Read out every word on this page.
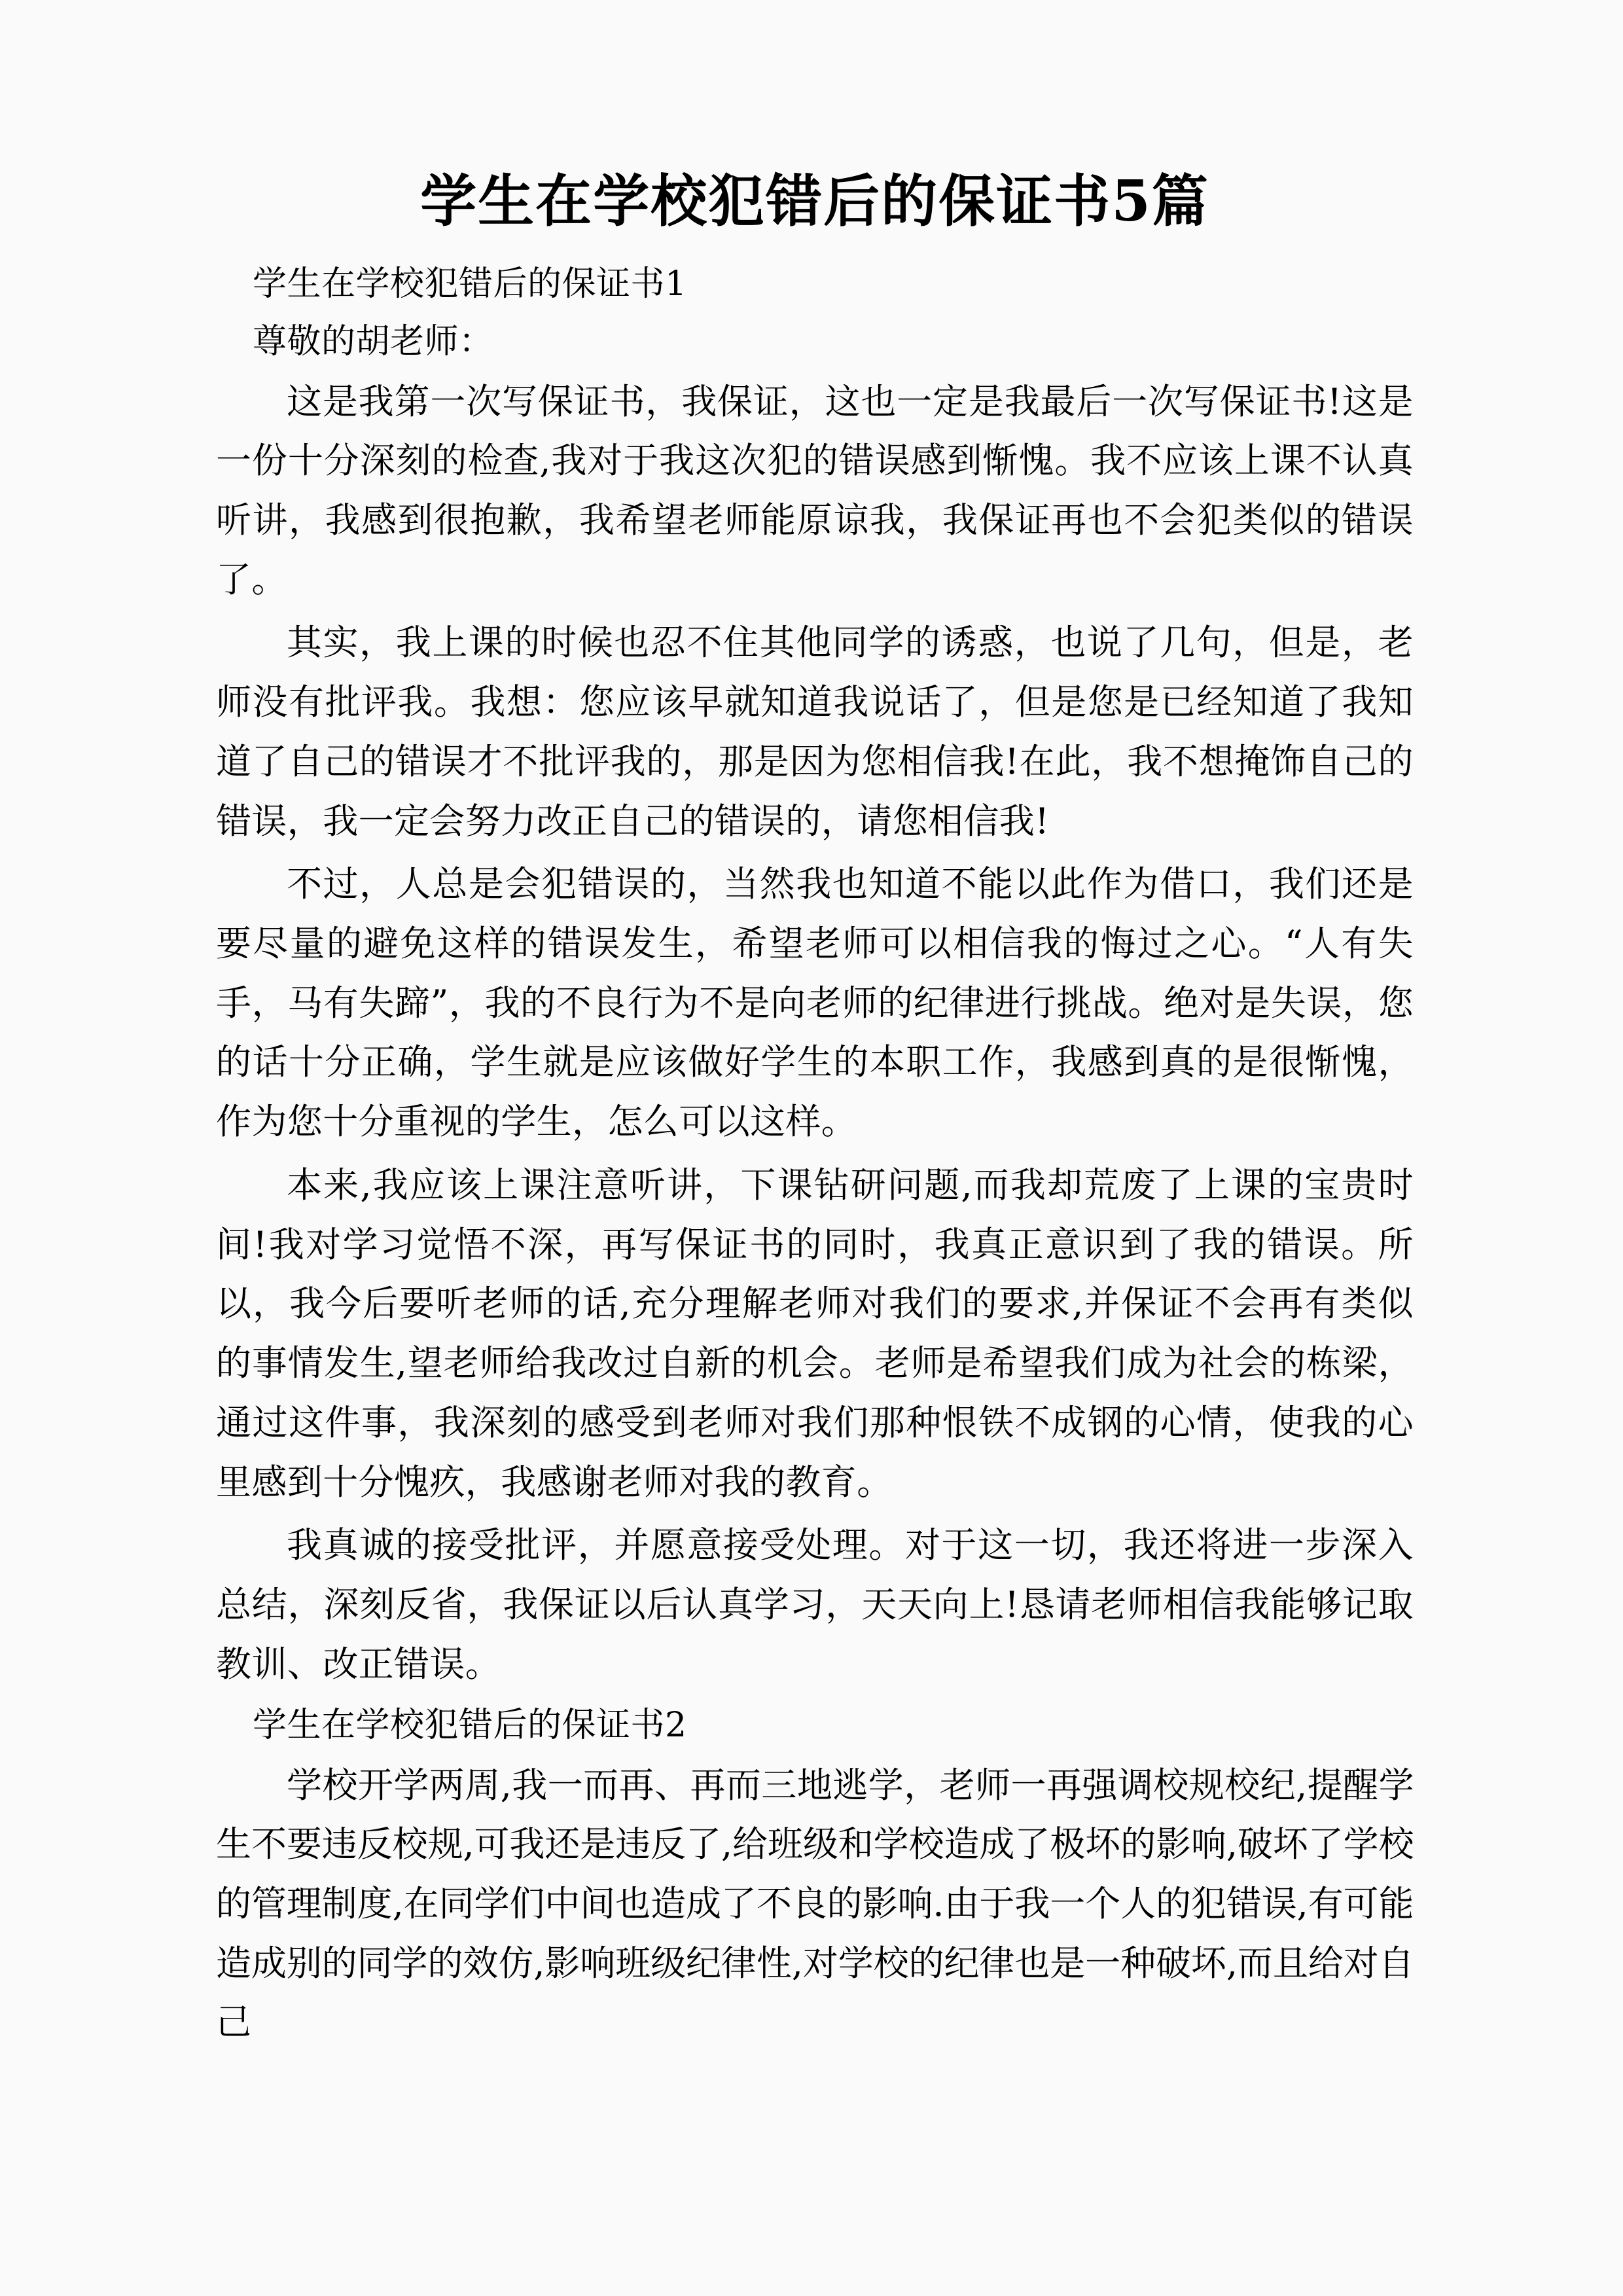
学生在学校犯错后的保证书5篇

学生在学校犯错后的保证书1

尊敬的胡老师：

这是我第一次写保证书，我保证，这也一定是我最后一次写保证书!这是一份十分深刻的检查,我对于我这次犯的错误感到惭愧。我不应该上课不认真听讲，我感到很抱歉，我希望老师能原谅我，我保证再也不会犯类似的错误了。

其实，我上课的时候也忍不住其他同学的诱惑，也说了几句，但是，老师没有批评我。我想：您应该早就知道我说话了，但是您是已经知道了我知道了自己的错误才不批评我的，那是因为您相信我!在此，我不想掩饰自己的错误，我一定会努力改正自己的错误的，请您相信我!

不过，人总是会犯错误的，当然我也知道不能以此作为借口，我们还是要尽量的避免这样的错误发生，希望老师可以相信我的悔过之心。“人有失手，马有失蹄”，我的不良行为不是向老师的纪律进行挑战。绝对是失误，您的话十分正确，学生就是应该做好学生的本职工作，我感到真的是很惭愧，作为您十分重视的学生，怎么可以这样。

本来,我应该上课注意听讲，下课钻研问题,而我却荒废了上课的宝贵时间!我对学习觉悟不深，再写保证书的同时，我真正意识到了我的错误。所以，我今后要听老师的话,充分理解老师对我们的要求,并保证不会再有类似的事情发生,望老师给我改过自新的机会。老师是希望我们成为社会的栋梁，通过这件事，我深刻的感受到老师对我们那种恨铁不成钢的心情，使我的心里感到十分愧疚，我感谢老师对我的教育。

我真诚的接受批评，并愿意接受处理。对于这一切，我还将进一步深入总结，深刻反省，我保证以后认真学习，天天向上!恳请老师相信我能够记取教训、改正错误。

学生在学校犯错后的保证书2

学校开学两周,我一而再、再而三地逃学，老师一再强调校规校纪,提醒学生不要违反校规,可我还是违反了,给班级和学校造成了极坏的影响,破坏了学校的管理制度,在同学们中间也造成了不良的影响.由于我一个人的犯错误,有可能造成别的同学的效仿,影响班级纪律性,对学校的纪律也是一种破坏,而且给对自己
